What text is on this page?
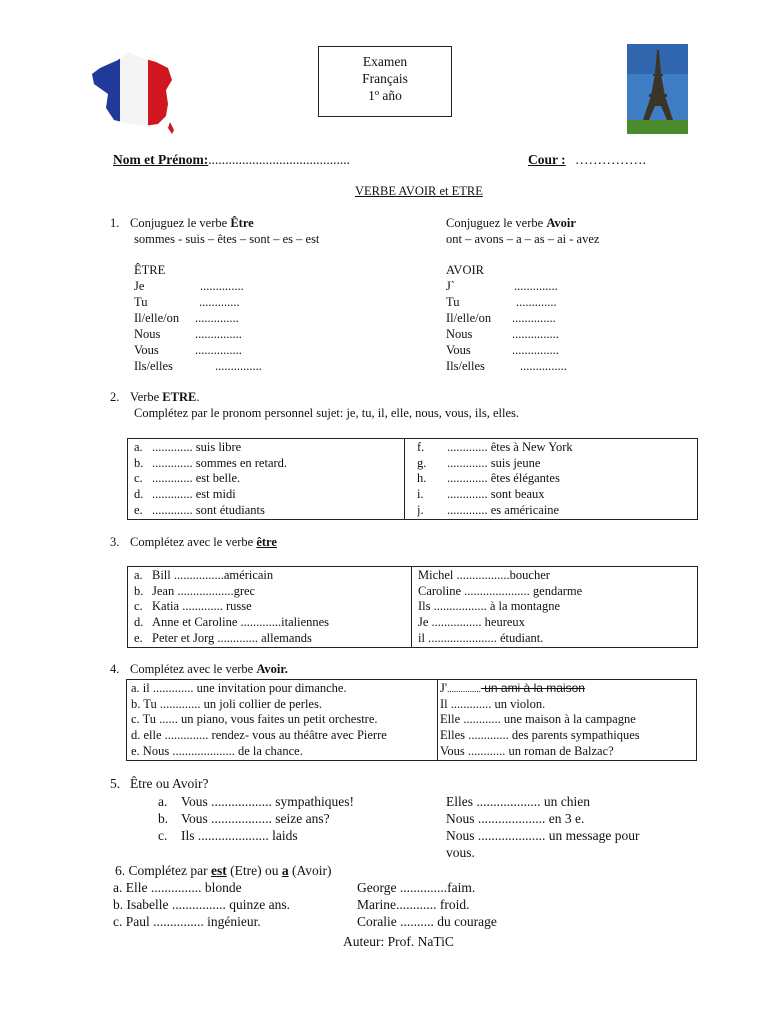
Examen
Français
1º año
Nom et Prénom:..........................................	Cour : …………….
VERBE AVOIR et ETRE
1. Conjuguez le verbe Être
sommes - suis – êtes – sont – es – est
Conjuguez le verbe Avoir
ont – avons – a – as – ai - avez
ÊTRE	AVOIR
Je	..............
Tu	.............
Il/elle/on ..............
Nous	...............
Vous	...............
Ils/elles	...............
J`	..............
Tu	.............
Il/elle/on ..............
Nous	...............
Vous	...............
Ils/elles	...............
2. Verbe ETRE.
Complétez par le pronom personnel sujet: je, tu, il, elle, nous, vous, ils, elles.
a. ............. suis libre
b. ............. sommes en retard.
c. ............. est belle.
d. ............. est midi
e. ............. sont étudiants

f. ............. êtes à New York
g. ............. suis jeune
h. ............. êtes élégantes
i. ............. sont beaux
j. ............. es américaine
3. Complétez avec le verbe être
a. Bill ................américain
b. Jean ..................grec
c. Katia ............. russe
d. Anne et Caroline .............italiennes
e. Peter et Jorg ............. allemands

Michel .................boucher
Caroline ..................... gendarme
Ils ................. à la montagne
Je ................ heureux
il ...................... étudiant.
4. Complétez avec le verbe Avoir.
a. il ............. une invitation pour dimanche.
b. Tu ............. un joli collier de perles.
c. Tu ...... un piano, vous faites un petit orchestre.
d. elle .............. rendez- vous au théâtre avec Pierre
e. Nous .................... de la chance.

J'............... un ami à la maison
Il ............. un violon.
Elle ............ une maison à la campagne
Elles ............. des parents sympathiques
Vous ............ un roman de Balzac?
5. Être ou Avoir?
a. Vous .................. sympathiques!
b. Vous .................. seize ans?
c. Ils ..................... laids
Elles ................... un chien
Nous .................... en 3 e.
Nous .................... un message pour
vous.
6. Complétez par est (Etre) ou a (Avoir)
a. Elle ............... blonde
b. Isabelle ................ quinze ans.
c. Paul ............... ingénieur.
George ..............faim.
Marine............ froid.
Coralie .......... du courage
Auteur: Prof. NaTiC
